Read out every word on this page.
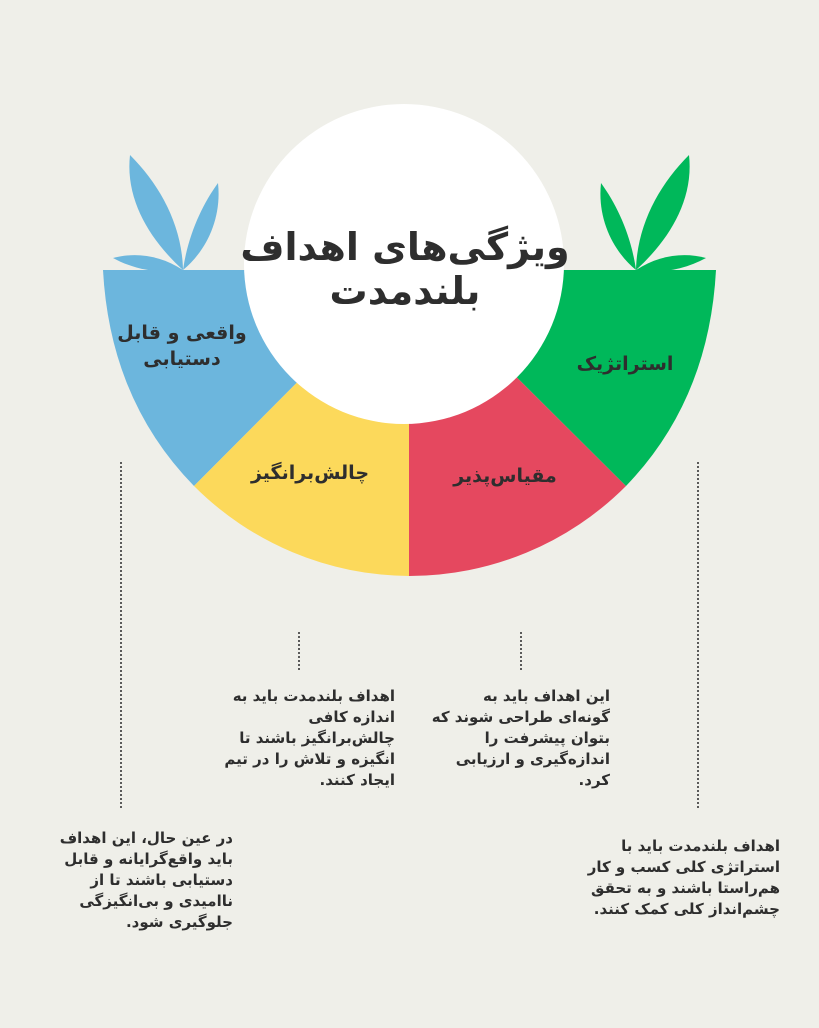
ویژگی‌های اهداف
بلندمدت
واقعی و قابل دستیابی
چالش‌برانگیز	مقیاس‌پذیر
استراتژیک
در عین حال، این اهداف باید واقع‌گرایانه و قابل دستیابی باشند تا از ناامیدی و بی‌انگیزگی جلوگیری شود.
اهداف بلندمدت باید به اندازه کافی چالش‌برانگیز باشند تا انگیزه و تلاش را در تیم ایجاد کنند.
این اهداف باید به گونه‌ای طراحی شوند که بتوان پیشرفت را اندازه‌گیری و ارزیابی کرد.
اهداف بلندمدت باید با استراتژی کلی کسب و کار هم‌راستا باشند و به تحقق چشم‌انداز کلی کمک کنند.
